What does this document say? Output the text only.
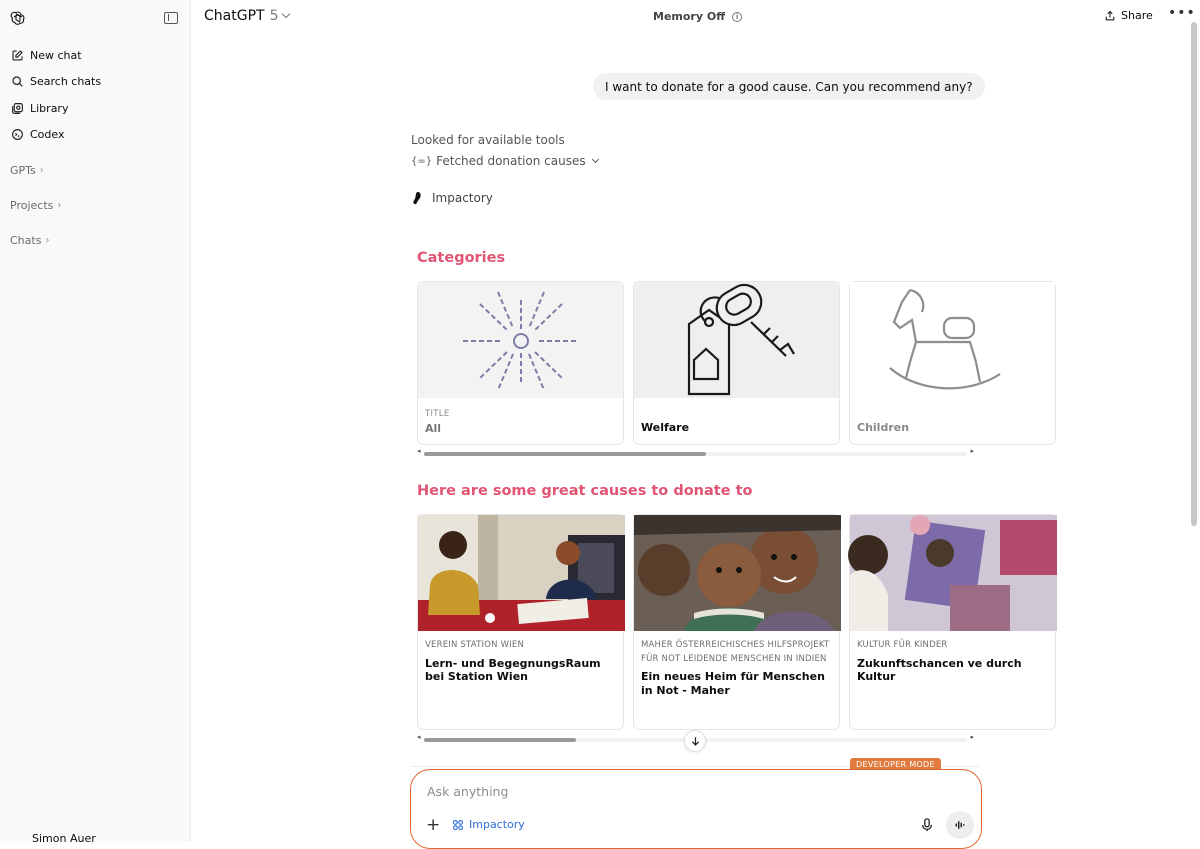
New chat
Search chats
Library
Codex
GPTs ›
Projects ›
Chats ›
Simon Auer
ChatGPT 5	Memory Off	i	Share •••
I want to donate for a good cause. Can you recommend any?
Looked for available tools
{=} Fetched donation causes
Impactory
Categories
TITLE
All	Welfare	Children
◂	▸
Here are some great causes to donate to
VEREIN STATION WIEN
Lern- und BegegnungsRaum bei Station Wien
MAHER ÖSTERREICHISCHES HILFSPROJEKT FÜR NOT LEIDENDE MENSCHEN IN INDIEN
Ein neues Heim für Menschen in Not - Maher
KULTUR FÜR KINDER
Zukunftschancen ve durch Kultur
◂	▸
DEVELOPER MODE
Ask anything
+	Impactory
